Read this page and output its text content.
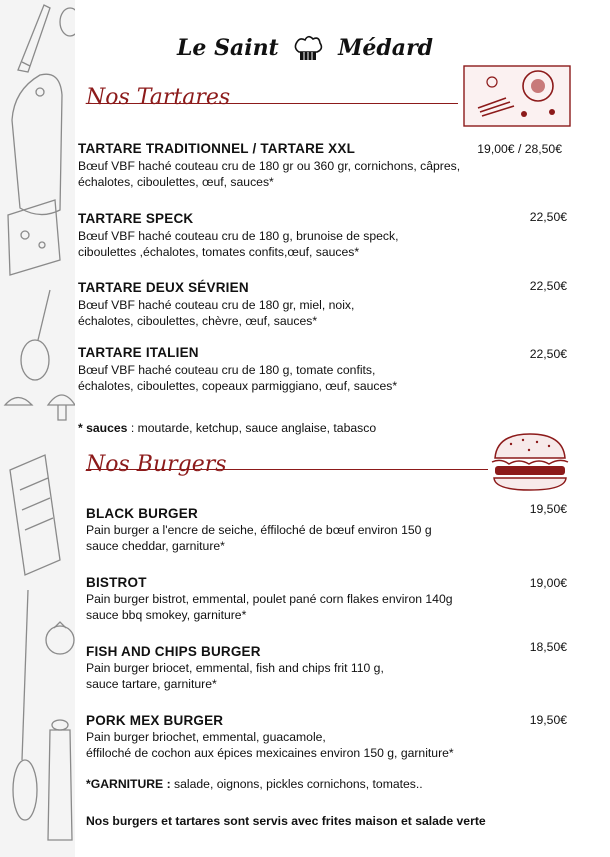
Le Saint	Médard
Nos Tartares
TARTARE TRADITIONNEL / TARTARE XXL	19,00€ / 28,50€
Bœuf VBF haché couteau cru de 180 gr ou 360 gr, cornichons, câpres,
échalotes, ciboulettes, œuf, sauces*
TARTARE SPECK	22,50€
Bœuf VBF haché couteau cru de 180 g, brunoise de speck,
ciboulettes ,échalotes, tomates confits,œuf, sauces*
TARTARE DEUX SÉVRIEN	22,50€
Bœuf VBF haché couteau cru de 180 gr, miel, noix,
échalotes, ciboulettes, chèvre, œuf, sauces*
TARTARE ITALIEN	22,50€
Bœuf VBF haché couteau cru de 180 g, tomate confits,
échalotes, ciboulettes, copeaux parmiggiano, œuf, sauces*
* sauces : moutarde, ketchup, sauce anglaise, tabasco
Nos Burgers
BLACK BURGER	19,50€
Pain burger a l'encre de seiche, éffiloché de bœuf environ 150 g
sauce cheddar, garniture*
BISTROT	19,00€
Pain burger bistrot, emmental, poulet pané corn flakes environ 140g
sauce bbq smokey, garniture*
FISH AND CHIPS BURGER	18,50€
Pain burger briocet, emmental, fish and chips frit 110 g,
sauce tartare, garniture*
PORK MEX BURGER	19,50€
Pain burger briochet, emmental, guacamole,
éffiloché de cochon aux épices mexicaines environ 150 g, garniture*
*GARNITURE : salade, oignons, pickles cornichons, tomates..
Nos burgers et tartares sont servis avec frites maison et salade verte
